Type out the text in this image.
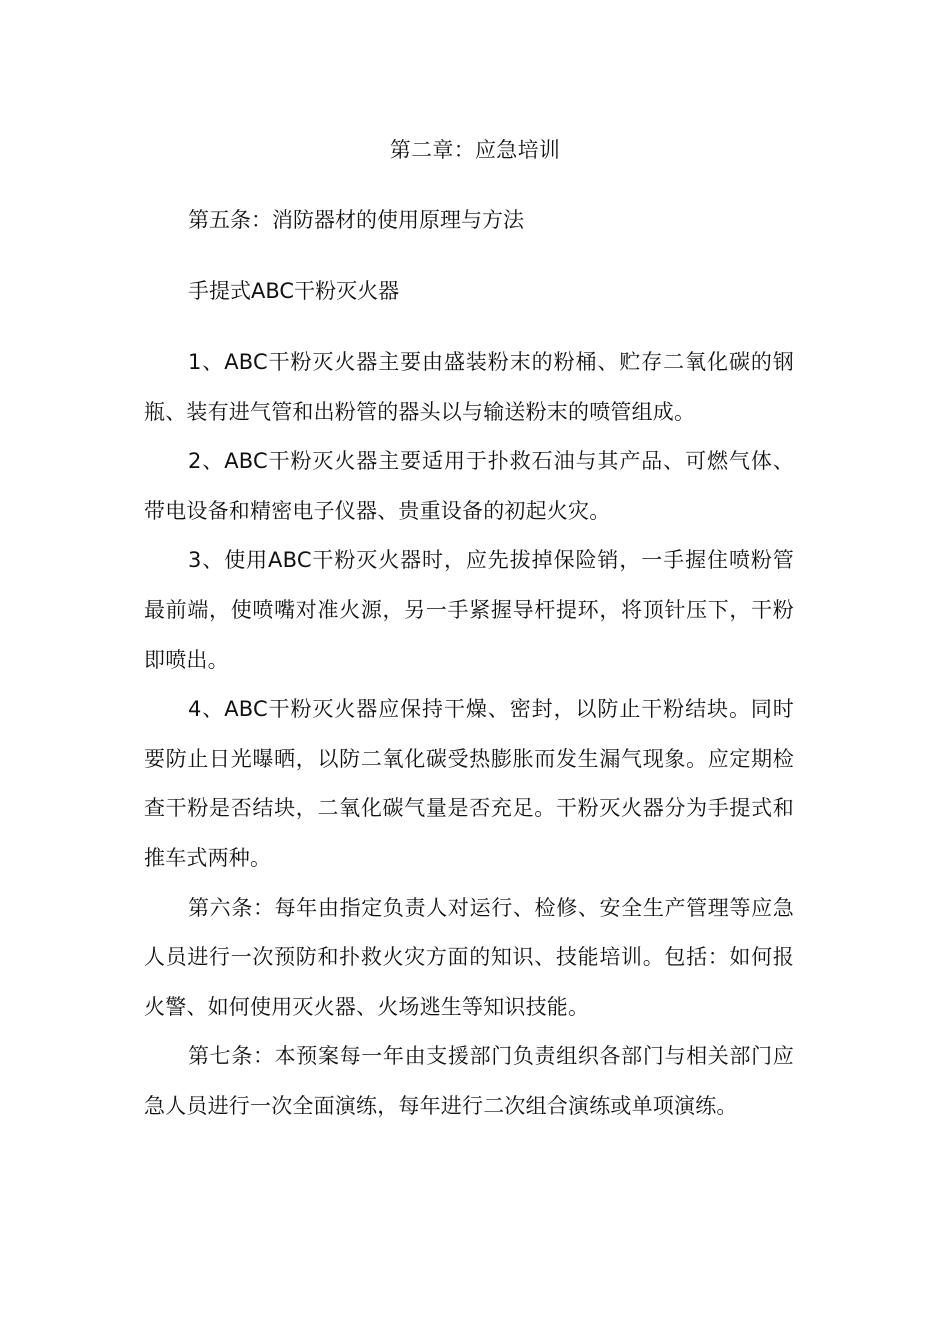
第二章：应急培训
第五条：消防器材的使用原理与方法
手提式ABC干粉灭火器

1、ABC干粉灭火器主要由盛装粉末的粉桶、贮存二氧化碳的钢瓶、装有进气管和出粉管的器头以与输送粉末的喷管组成。

2、ABC干粉灭火器主要适用于扑救石油与其产品、可燃气体、带电设备和精密电子仪器、贵重设备的初起火灾。

3、使用ABC干粉灭火器时，应先拔掉保险销，一手握住喷粉管最前端，使喷嘴对准火源，另一手紧握导杆提环，将顶针压下，干粉即喷出。

4、ABC干粉灭火器应保持干燥、密封，以防止干粉结块。同时要防止日光曝晒，以防二氧化碳受热膨胀而发生漏气现象。应定期检查干粉是否结块，二氧化碳气量是否充足。干粉灭火器分为手提式和推车式两种。

第六条：每年由指定负责人对运行、检修、安全生产管理等应急人员进行一次预防和扑救火灾方面的知识、技能培训。包括：如何报火警、如何使用灭火器、火场逃生等知识技能。

第七条：本预案每一年由支援部门负责组织各部门与相关部门应急人员进行一次全面演练，每年进行二次组合演练或单项演练。
